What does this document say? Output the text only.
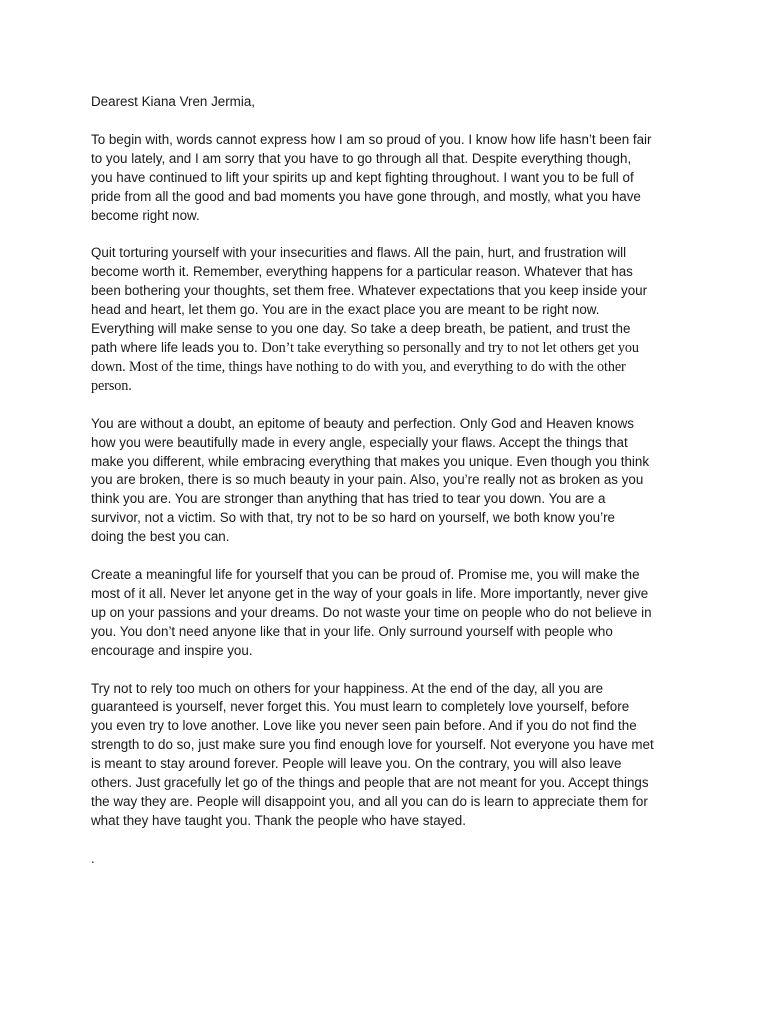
Dearest Kiana Vren Jermia,
To begin with, words cannot express how I am so proud of you. I know how life hasn’t been fair
to you lately, and I am sorry that you have to go through all that. Despite everything though,
you have continued to lift your spirits up and kept fighting throughout. I want you to be full of
pride from all the good and bad moments you have gone through, and mostly, what you have
become right now.
Quit torturing yourself with your insecurities and flaws. All the pain, hurt, and frustration will
become worth it. Remember, everything happens for a particular reason. Whatever that has
been bothering your thoughts, set them free. Whatever expectations that you keep inside your
head and heart, let them go. You are in the exact place you are meant to be right now.
Everything will make sense to you one day. So take a deep breath, be patient, and trust the
path where life leads you to. Don’t take everything so personally and try to not let others get you
down. Most of the time, things have nothing to do with you, and everything to do with the other
person.
You are without a doubt, an epitome of beauty and perfection. Only God and Heaven knows
how you were beautifully made in every angle, especially your flaws. Accept the things that
make you different, while embracing everything that makes you unique. Even though you think
you are broken, there is so much beauty in your pain. Also, you’re really not as broken as you
think you are. You are stronger than anything that has tried to tear you down. You are a
survivor, not a victim. So with that, try not to be so hard on yourself, we both know you’re
doing the best you can.
Create a meaningful life for yourself that you can be proud of. Promise me, you will make the
most of it all. Never let anyone get in the way of your goals in life. More importantly, never give
up on your passions and your dreams. Do not waste your time on people who do not believe in
you. You don’t need anyone like that in your life. Only surround yourself with people who
encourage and inspire you.
Try not to rely too much on others for your happiness. At the end of the day, all you are
guaranteed is yourself, never forget this. You must learn to completely love yourself, before
you even try to love another. Love like you never seen pain before. And if you do not find the
strength to do so, just make sure you find enough love for yourself. Not everyone you have met
is meant to stay around forever. People will leave you. On the contrary, you will also leave
others. Just gracefully let go of the things and people that are not meant for you. Accept things
the way they are. People will disappoint you, and all you can do is learn to appreciate them for
what they have taught you. Thank the people who have stayed.
.
